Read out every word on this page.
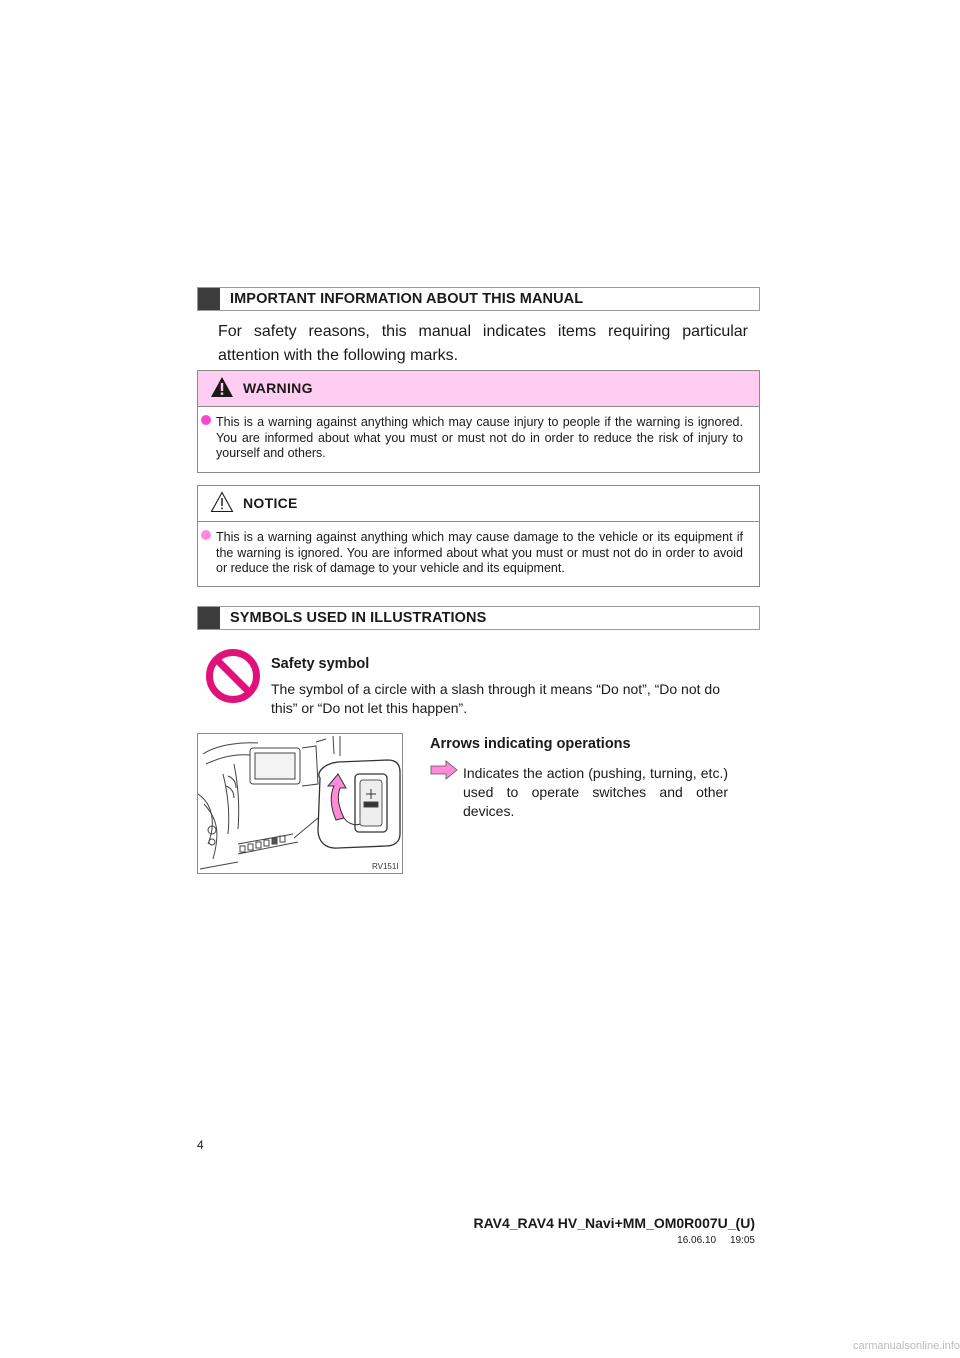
IMPORTANT INFORMATION ABOUT THIS MANUAL
For safety reasons, this manual indicates items requiring particular attention with the following marks.
WARNING
This is a warning against anything which may cause injury to people if the warning is ignored. You are informed about what you must or must not do in order to reduce the risk of injury to yourself and others.
NOTICE
This is a warning against anything which may cause damage to the vehicle or its equipment if the warning is ignored. You are informed about what you must or must not do in order to avoid or reduce the risk of damage to your vehicle and its equipment.
SYMBOLS USED IN ILLUSTRATIONS
Safety symbol
The symbol of a circle with a slash through it means “Do not”, “Do not do this” or “Do not let this happen”.
RV151I
Arrows indicating operations
Indicates the action (pushing, turning, etc.) used to operate switches and other devices.
4
RAV4_RAV4 HV_Navi+MM_OM0R007U_(U)
16.06.10     19:05
carmanualsonline.info
